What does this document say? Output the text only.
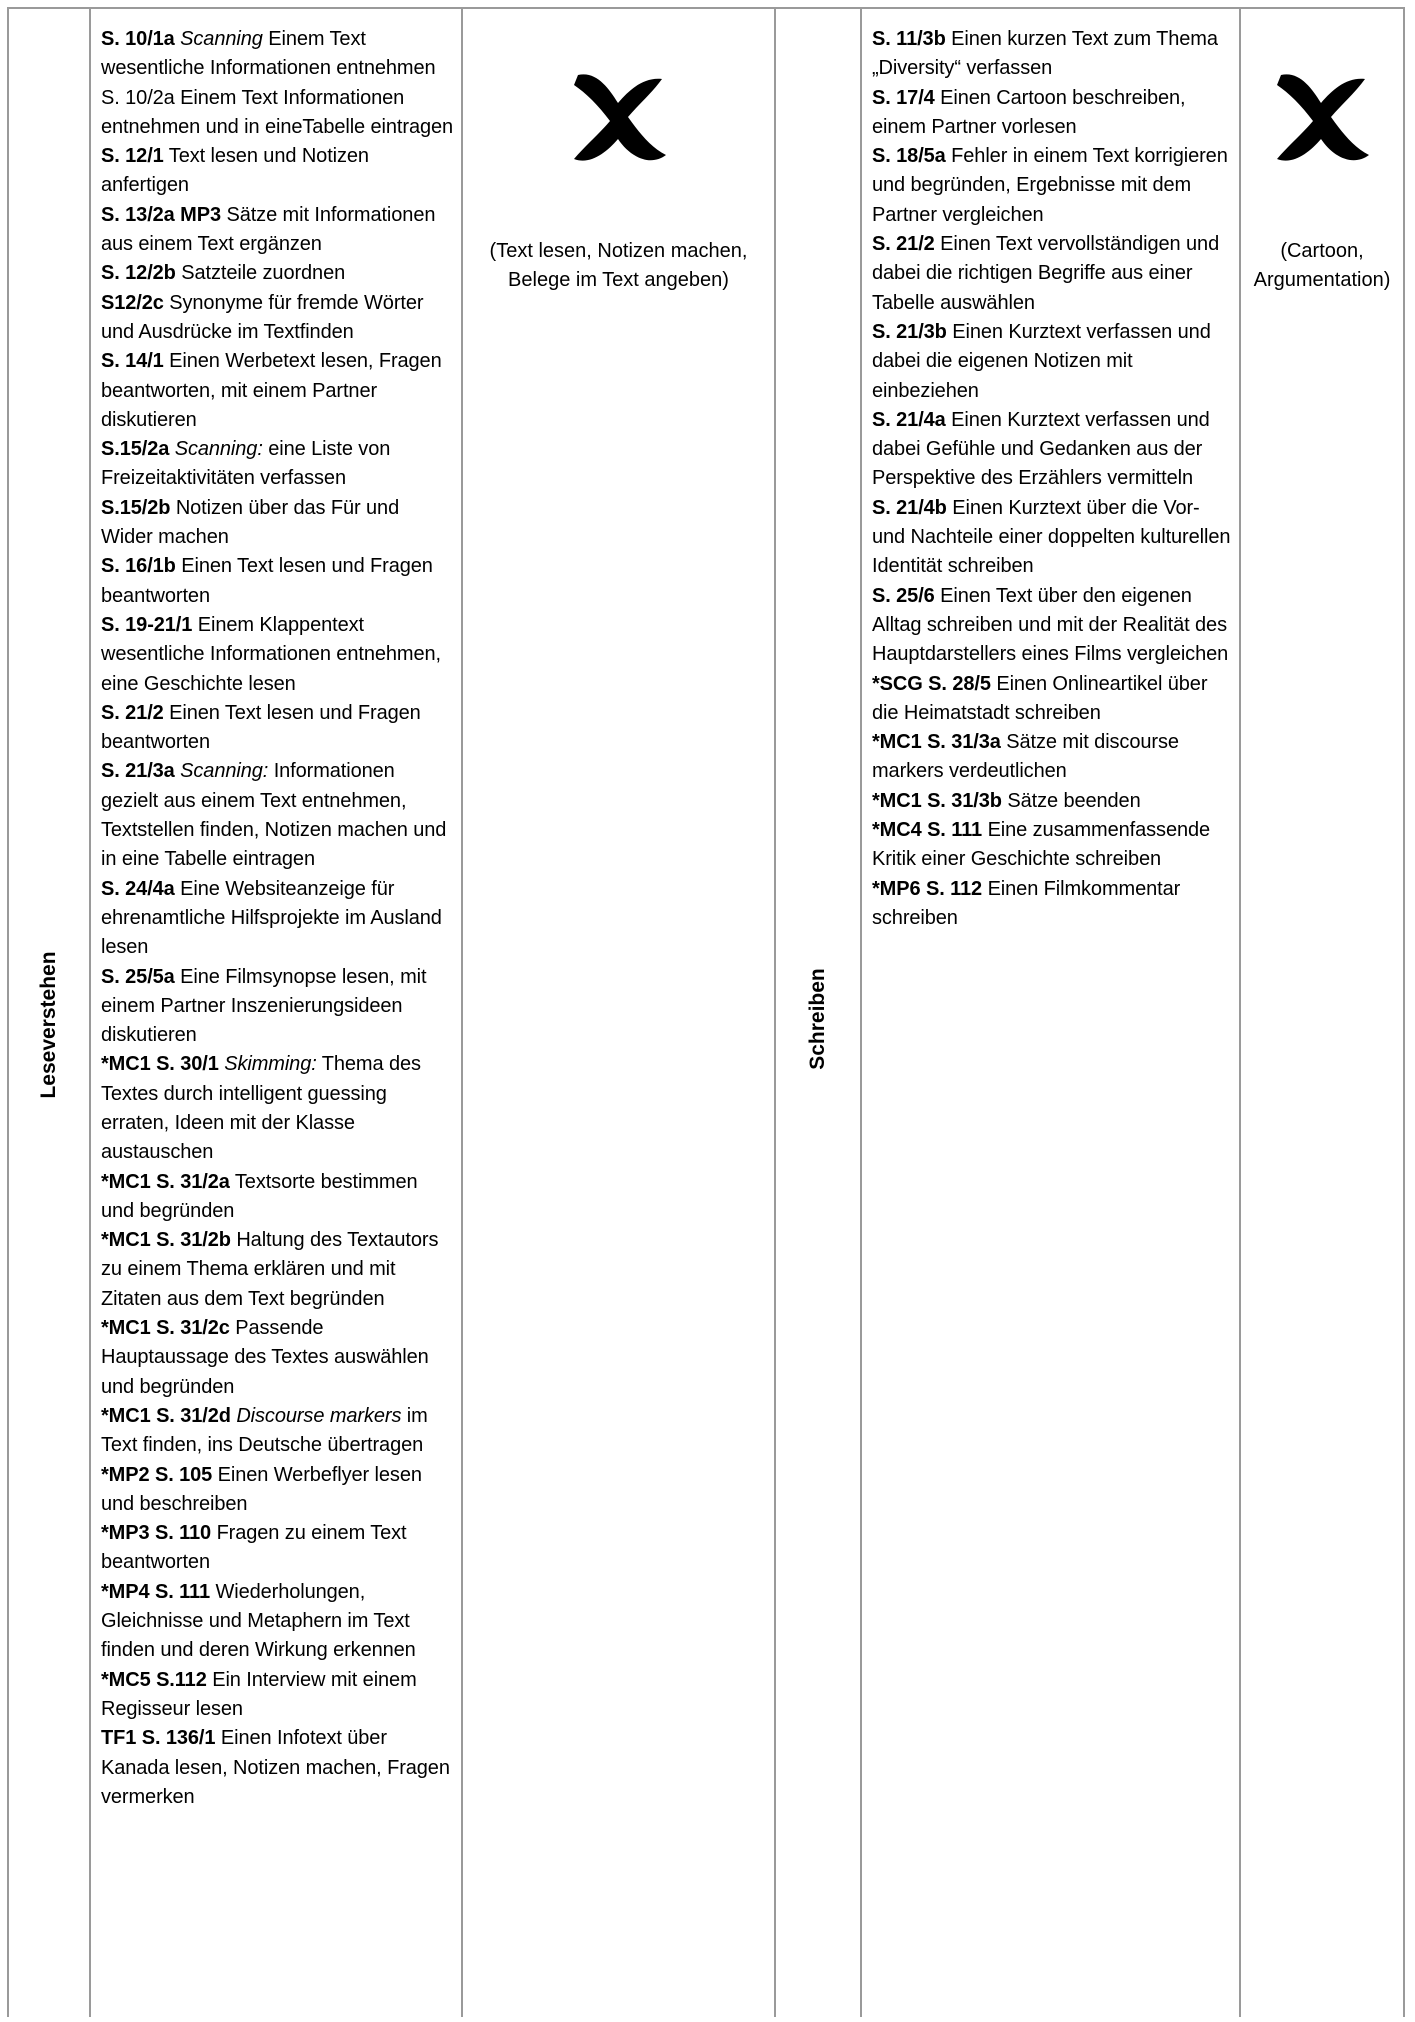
Leseverstehen
S. 10/1a Scanning Einem Text wesentliche Informationen entnehmen
S. 10/2a Einem Text Informationen entnehmen und in eineTabelle eintragen
S. 12/1 Text lesen und Notizen anfertigen
S. 13/2a MP3 Sätze mit Informationen aus einem Text ergänzen
S. 12/2b Satzteile zuordnen
S12/2c Synonyme für fremde Wörter und Ausdrücke im Textfinden
S. 14/1 Einen Werbetext lesen, Fragen beantworten, mit einem Partner diskutieren
S.15/2a Scanning: eine Liste von Freizeitaktivitäten verfassen
S.15/2b Notizen über das Für und Wider machen
S. 16/1b Einen Text lesen und Fragen beantworten
S. 19-21/1 Einem Klappentext wesentliche Informationen entnehmen, eine Geschichte lesen
S. 21/2 Einen Text lesen und Fragen beantworten
S. 21/3a Scanning: Informationen gezielt aus einem Text entnehmen, Textstellen finden, Notizen machen und in eine Tabelle eintragen
S. 24/4a Eine Websiteanzeige für ehrenamtliche Hilfsprojekte im Ausland lesen
S. 25/5a Eine Filmsynopse lesen, mit einem Partner Inszenierungsideen diskutieren
*MC1 S. 30/1 Skimming: Thema des Textes durch intelligent guessing erraten, Ideen mit der Klasse austauschen
*MC1 S. 31/2a Textsorte bestimmen und begründen
*MC1 S. 31/2b Haltung des Textautors zu einem Thema erklären und mit Zitaten aus dem Text begründen
*MC1 S. 31/2c Passende Hauptaussage des Textes auswählen und begründen
*MC1 S. 31/2d Discourse markers im Text finden, ins Deutsche übertragen
*MP2 S. 105 Einen Werbeflyer lesen und beschreiben
*MP3 S. 110 Fragen zu einem Text beantworten
*MP4 S. 111 Wiederholungen, Gleichnisse und Metaphern im Text finden und deren Wirkung erkennen
*MC5 S.112 Ein Interview mit einem Regisseur lesen
TF1 S. 136/1 Einen Infotext über Kanada lesen, Notizen machen, Fragen vermerken
(Text lesen, Notizen machen, Belege im Text angeben)
Schreiben
S. 11/3b Einen kurzen Text zum Thema „Diversity“ verfassen
S. 17/4 Einen Cartoon beschreiben, einem Partner vorlesen
S. 18/5a Fehler in einem Text korrigieren und begründen, Ergebnisse mit dem Partner vergleichen
S. 21/2 Einen Text vervollständigen und dabei die richtigen Begriffe aus einer Tabelle auswählen
S. 21/3b Einen Kurztext verfassen und dabei die eigenen Notizen mit einbeziehen
S. 21/4a Einen Kurztext verfassen und dabei Gefühle und Gedanken aus der Perspektive des Erzählers vermitteln
S. 21/4b Einen Kurztext über die Vor- und Nachteile einer doppelten kulturellen Identität schreiben
S. 25/6 Einen Text über den eigenen Alltag schreiben und mit der Realität des Hauptdarstellers eines Films vergleichen
*SCG S. 28/5 Einen Onlineartikel über die Heimatstadt schreiben
*MC1 S. 31/3a Sätze mit discourse markers verdeutlichen
*MC1 S. 31/3b Sätze beenden
*MC4 S. 111 Eine zusammenfassende Kritik einer Geschichte schreiben
*MP6 S. 112 Einen Filmkommentar schreiben
(Cartoon, Argumentation)
